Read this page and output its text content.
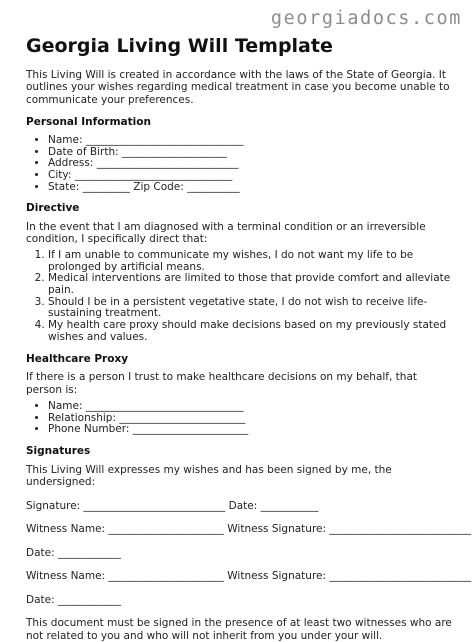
georgiadocs.com
Georgia Living Will Template

This Living Will is created in accordance with the laws of the State of Georgia. It outlines your wishes regarding medical treatment in case you become unable to communicate your preferences.

Personal Information
• Name: ______________________________
• Date of Birth: ____________________
• Address: ___________________________
• City: ______________________________
• State: _________ Zip Code: __________
Directive

In the event that I am diagnosed with a terminal condition or an irreversible condition, I specifically direct that:

1. If I am unable to communicate my wishes, I do not want my life to be prolonged by artificial means.
2. Medical interventions are limited to those that provide comfort and alleviate pain.
3. Should I be in a persistent vegetative state, I do not wish to receive life-sustaining treatment.
4. My health care proxy should make decisions based on my previously stated wishes and values.
Healthcare Proxy

If there is a person I trust to make healthcare decisions on my behalf, that person is:

• Name: ______________________________
• Relationship: ________________________
• Phone Number: ______________________
Signatures

This Living Will expresses my wishes and has been signed by me, the undersigned:

Signature: ___________________________ Date: ___________

Witness Name: ______________________ Witness Signature: ___________________________

Date: ____________

Witness Name: ______________________ Witness Signature: ___________________________

Date: ____________

This document must be signed in the presence of at least two witnesses who are not related to you and who will not inherit from you under your will.
